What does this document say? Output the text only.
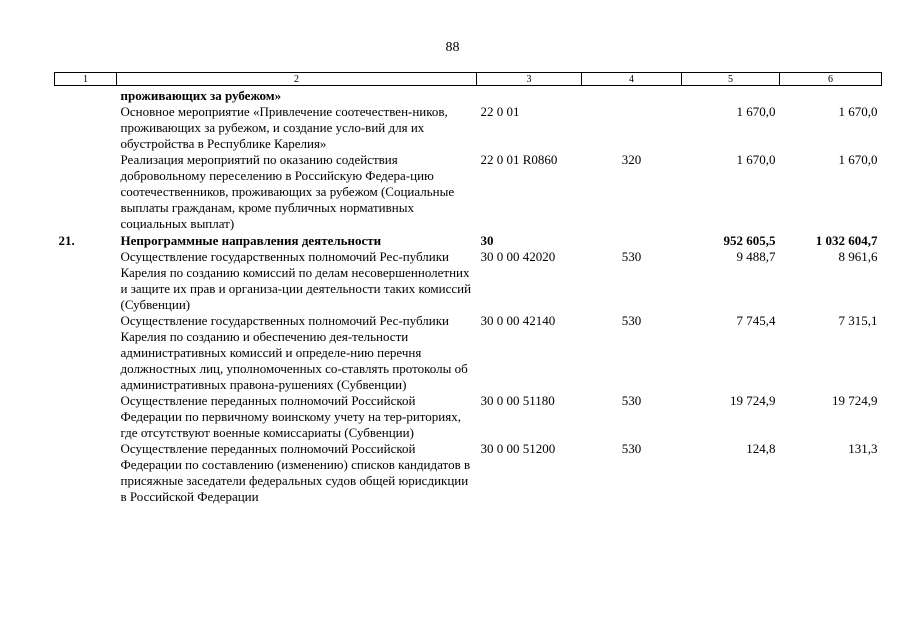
88
1	2	3	4	5	6
	проживающих за рубежом»				
	Основное мероприятие «Привлечение соотечествен-ников, проживающих за рубежом, и создание усло-вий для их обустройства в Республике Карелия»	22 0 01		1 670,0	1 670,0
	Реализация мероприятий по оказанию содействия добровольному переселению в Российскую Федера-цию соотечественников, проживающих за рубежом (Социальные выплаты гражданам, кроме публичных нормативных социальных выплат)	22 0 01 R0860	320	1 670,0	1 670,0
21.	Непрограммные направления деятельности	30		952 605,5	1 032 604,7
	Осуществление государственных полномочий Рес-публики Карелия по созданию комиссий по делам несовершеннолетних и защите их прав и организа-ции деятельности таких комиссий (Субвенции)	30 0 00 42020	530	9 488,7	8 961,6
	Осуществление государственных полномочий Рес-публики Карелия по созданию и обеспечению дея-тельности административных комиссий и определе-нию перечня должностных лиц, уполномоченных со-ставлять протоколы об административных правона-рушениях (Субвенции)	30 0 00 42140	530	7 745,4	7 315,1
	Осуществление переданных полномочий Российской Федерации по первичному воинскому учету на тер-риториях, где отсутствуют военные комиссариаты (Субвенции)	30 0 00 51180	530	19 724,9	19 724,9
	Осуществление переданных полномочий Российской Федерации по составлению (изменению) списков кандидатов в присяжные заседатели федеральных судов общей юрисдикции в Российской Федерации	30 0 00 51200	530	124,8	131,3
